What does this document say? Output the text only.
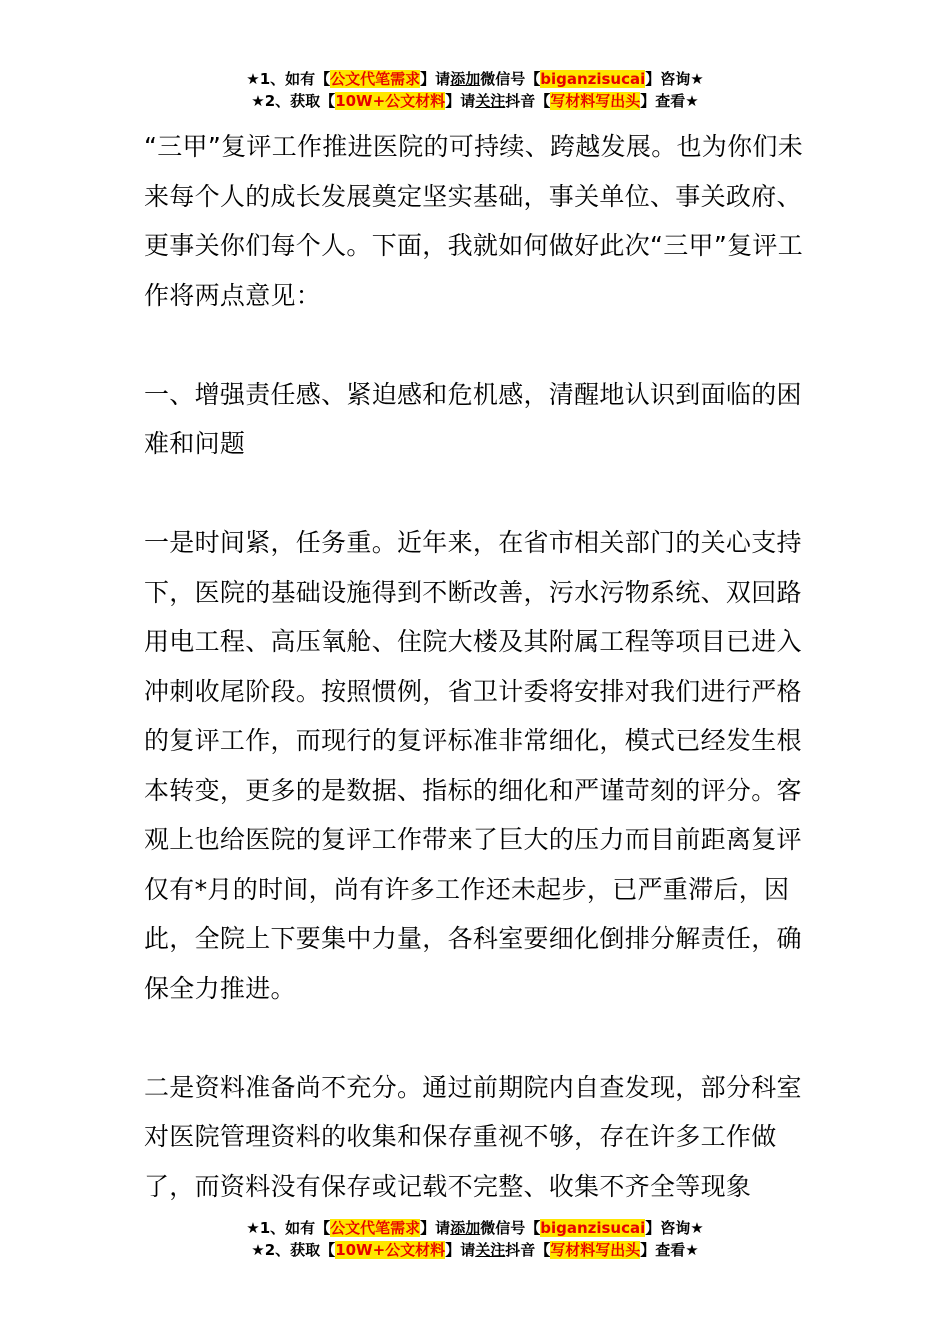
★1、如有【公文代笔需求】请添加微信号【biganzisucai】咨询★
★2、获取【10W+公文材料】请关注抖音【写材料写出头】查看★

“三甲”复评工作推进医院的可持续、跨越发展。也为你们未来每个人的成长发展奠定坚实基础，事关单位、事关政府、更事关你们每个人。下面，我就如何做好此次“三甲”复评工作将两点意见：

一、增强责任感、紧迫感和危机感，清醒地认识到面临的困难和问题

一是时间紧，任务重。近年来，在省市相关部门的关心支持下，医院的基础设施得到不断改善，污水污物系统、双回路用电工程、高压氧舱、住院大楼及其附属工程等项目已进入冲刺收尾阶段。按照惯例，省卫计委将安排对我们进行严格的复评工作，而现行的复评标准非常细化，模式已经发生根本转变，更多的是数据、指标的细化和严谨苛刻的评分。客观上也给医院的复评工作带来了巨大的压力而目前距离复评仅有*月的时间，尚有许多工作还未起步，已严重滞后，因此，全院上下要集中力量，各科室要细化倒排分解责任，确保全力推进。

二是资料准备尚不充分。通过前期院内自查发现，部分科室对医院管理资料的收集和保存重视不够，存在许多工作做了，而资料没有保存或记载不完整、收集不齐全等现象

★1、如有【公文代笔需求】请添加微信号【biganzisucai】咨询★
★2、获取【10W+公文材料】请关注抖音【写材料写出头】查看★
